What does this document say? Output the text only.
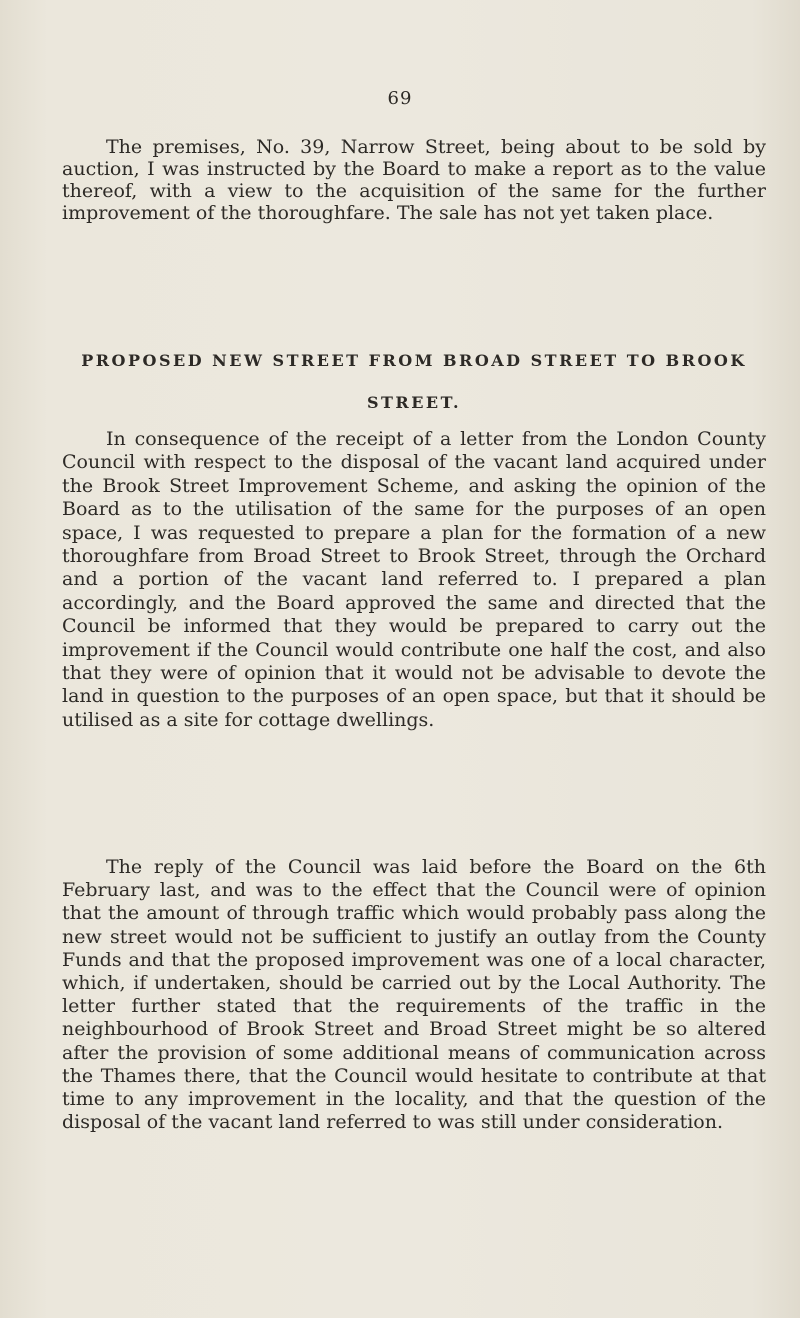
69

The premises, No. 39, Narrow Street, being about to be sold by auction, I was instructed by the Board to make a report as to the value thereof, with a view to the acquisition of the same for the further improvement of the thoroughfare. The sale has not yet taken place.

PROPOSED NEW STREET FROM BROAD STREET TO BROOK STREET.

In consequence of the receipt of a letter from the London County Council with respect to the disposal of the vacant land acquired under the Brook Street Improvement Scheme, and asking the opinion of the Board as to the utilisation of the same for the purposes of an open space, I was requested to prepare a plan for the formation of a new thoroughfare from Broad Street to Brook Street, through the Orchard and a portion of the vacant land referred to. I prepared a plan accordingly, and the Board approved the same and directed that the Council be informed that they would be prepared to carry out the improvement if the Council would contribute one half the cost, and also that they were of opinion that it would not be advisable to devote the land in question to the purposes of an open space, but that it should be utilised as a site for cottage dwellings.

The reply of the Council was laid before the Board on the 6th February last, and was to the effect that the Council were of opinion that the amount of through traffic which would probably pass along the new street would not be sufficient to justify an outlay from the County Funds and that the proposed improvement was one of a local character, which, if undertaken, should be carried out by the Local Authority. The letter further stated that the requirements of the traffic in the neighbourhood of Brook Street and Broad Street might be so altered after the provision of some additional means of communication across the Thames there, that the Council would hesitate to contribute at that time to any improvement in the locality, and that the question of the disposal of the vacant land referred to was still under consideration.
